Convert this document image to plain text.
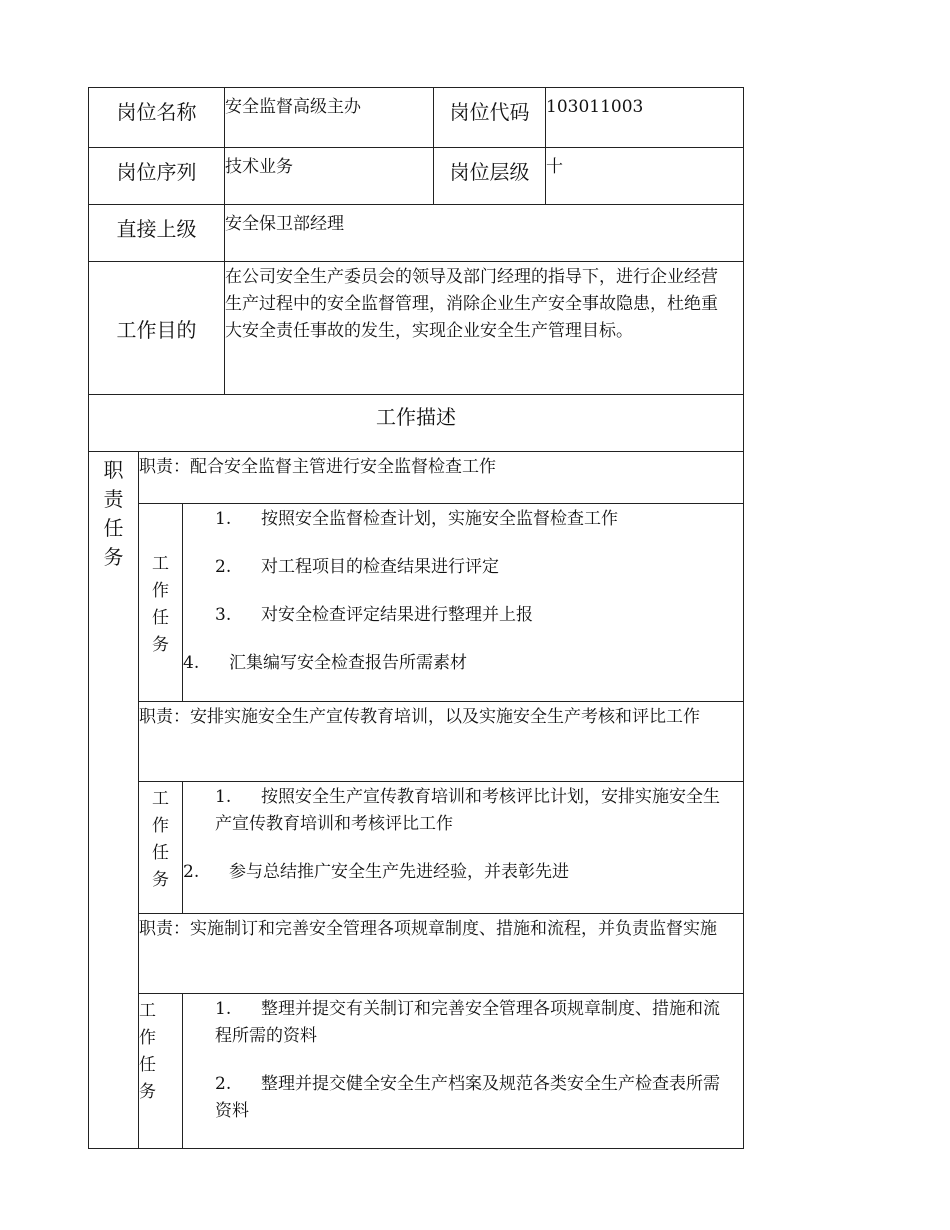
岗位名称			安全监督高级主办	岗位代码	103011003
岗位序列			技术业务	岗位层级	十
直接上级			安全保卫部经理		
工作目的			在公司安全生产委员会的领导及部门经理的指导下，进行企业经营生产过程中的安全监督管理，消除企业生产安全事故隐患，杜绝重大安全责任事故的发生，实现企业安全生产管理目标。		
工作描述					

职责任务	职责：配合安全监督主管进行安全监督检查工作				

	工作任务	1. 按照安全监督检查计划，实施安全监督检查工作

2. 对工程项目的检查结果进行评定

3. 对安全检查评定结果进行整理并上报

4. 汇集编写安全检查报告所需素材			

	职责：安排实施安全生产宣传教育培训，以及实施安全生产考核和评比工作				

	工作任务	1. 按照安全生产宣传教育培训和考核评比计划，安排实施安全生产宣传教育培训和考核评比工作

2. 参与总结推广安全生产先进经验，并表彰先进			

	职责：实施制订和完善安全管理各项规章制度、措施和流程，并负责监督实施				

	工作任务	1. 整理并提交有关制订和完善安全管理各项规章制度、措施和流程所需的资料

2. 整理并提交健全安全生产档案及规范各类安全生产检查表所需资料			
